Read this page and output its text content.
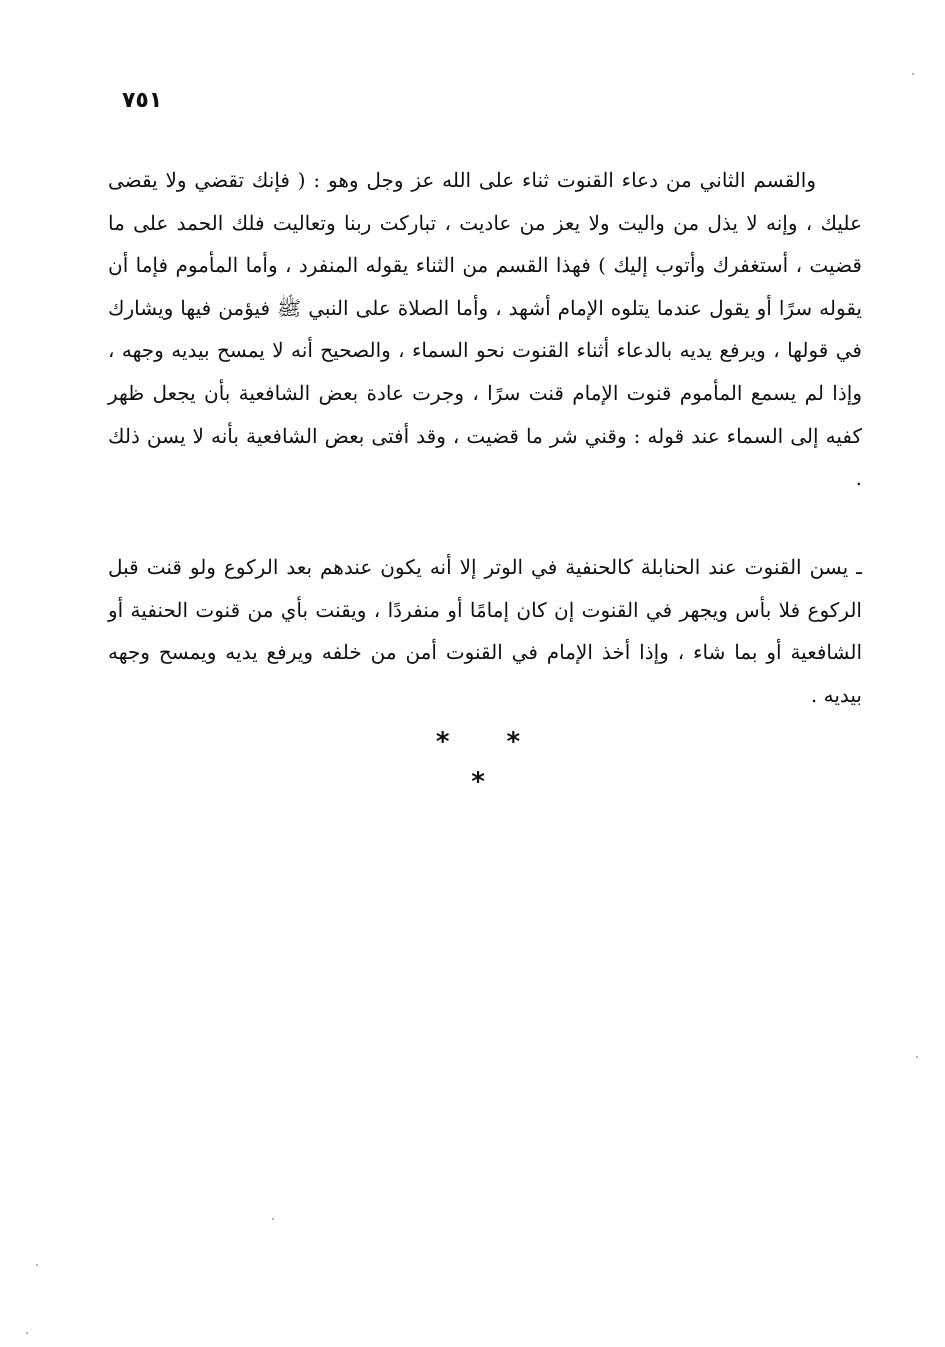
٧٥١

والقسم الثاني من دعاء القنوت ثناء على الله عز وجل وهو : ( فإنك تقضي ولا يقضى عليك ، وإنه لا يذل من واليت ولا يعز من عاديت ، تباركت ربنا وتعاليت فلك الحمد على ما قضيت ، أستغفرك وأتوب إليك ) فهذا القسم من الثناء يقوله المنفرد ، وأما المأموم فإما أن يقوله سرًا أو يقول عندما يتلوه الإمام أشهد ، وأما الصلاة على النبي ﷺ فيؤمن فيها ويشارك في قولها ، ويرفع يديه بالدعاء أثناء القنوت نحو السماء ، والصحيح أنه لا يمسح بيديه وجهه ، وإذا لم يسمع المأموم قنوت الإمام قنت سرًا ، وجرت عادة بعض الشافعية بأن يجعل ظهر كفيه إلى السماء عند قوله : وقني شر ما قضيت ، وقد أفتى بعض الشافعية بأنه لا يسن ذلك .

ـ يسن القنوت عند الحنابلة كالحنفية في الوتر إلا أنه يكون عندهم بعد الركوع ولو قنت قبل الركوع فلا بأس ويجهر في القنوت إن كان إمامًا أو منفردًا ، ويقنت بأي من قنوت الحنفية أو الشافعية أو بما شاء ، وإذا أخذ الإمام في القنوت أمن من خلفه ويرفع يديه ويمسح وجهه بيديه .

* * *
